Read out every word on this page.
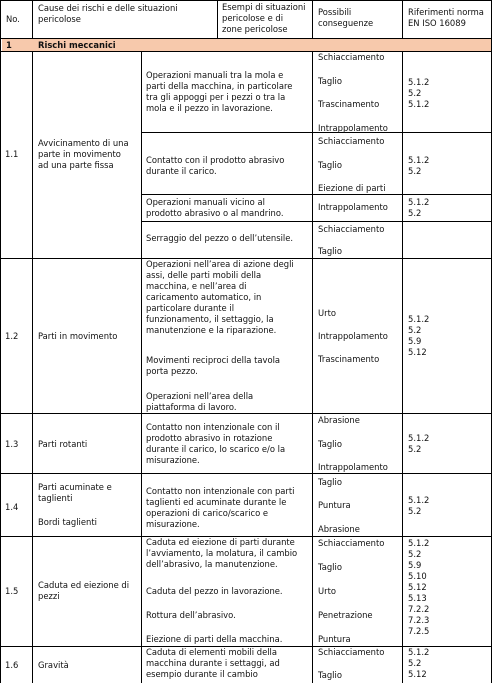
No.
Cause dei rischi e delle situazioni
pericolose
Esempi di situazioni
pericolose e di
zone pericolose
Possibili
conseguenze
Riferimenti norma
EN ISO 16089
1	Rischi meccanici
1.1
Avvicinamento di una
parte in movimento
ad una parte fissa
Operazioni manuali tra la mola e
parti della macchina, in particolare
tra gli appoggi per i pezzi o tra la
mola e il pezzo in lavorazione.
Schiacciamento
Taglio
Trascinamento
Intrappolamento
5.1.2
5.2
5.1.2
Contatto con il prodotto abrasivo
durante il carico.
Schiacciamento
Taglio
Eiezione di parti
5.1.2
5.2
Operazioni manuali vicino al
prodotto abrasivo o al mandrino.
Intrappolamento 5.1.2
5.2
Serraggio del pezzo o dell’utensile.
Schiacciamento
Taglio
1.2 Parti in movimento
Operazioni nell’area di azione degli
assi, delle parti mobili della
macchina, e nell’area di
caricamento automatico, in
particolare durante il
funzionamento, il settaggio, la
manutenzione e la riparazione.
Movimenti reciproci della tavola
porta pezzo.
Operazioni nell’area della
piattaforma di lavoro.
Urto
Intrappolamento
Trascinamento
5.1.2
5.2
5.9
5.12
1.3 Parti rotanti
Contatto non intenzionale con il
prodotto abrasivo in rotazione
durante il carico, lo scarico e/o la
misurazione.
Abrasione
Taglio
Intrappolamento
5.1.2
5.2
1.4
Parti acuminate e
taglienti
Bordi taglienti
Contatto non intenzionale con parti
taglienti ed acuminate durante le
operazioni di carico/scarico e
misurazione.
Taglio
Puntura
Abrasione
5.1.2
5.2
1.5
Caduta ed eiezione di
pezzi
Caduta ed eiezione di parti durante
l’avviamento, la molatura, il cambio
dell’abrasivo, la manutenzione.
Caduta del pezzo in lavorazione.
Rottura dell’abrasivo.
Eiezione di parti della macchina.
Schiacciamento
Taglio
Urto
Penetrazione
Puntura
5.1.2
5.2
5.9
5.10
5.12
5.13
7.2.2
7.2.3
7.2.5
1.6 Gravità
Caduta di elementi mobili della
macchina durante i settaggi, ad
esempio durante il cambio
Schiacciamento
Taglio
5.1.2
5.2
5.12
